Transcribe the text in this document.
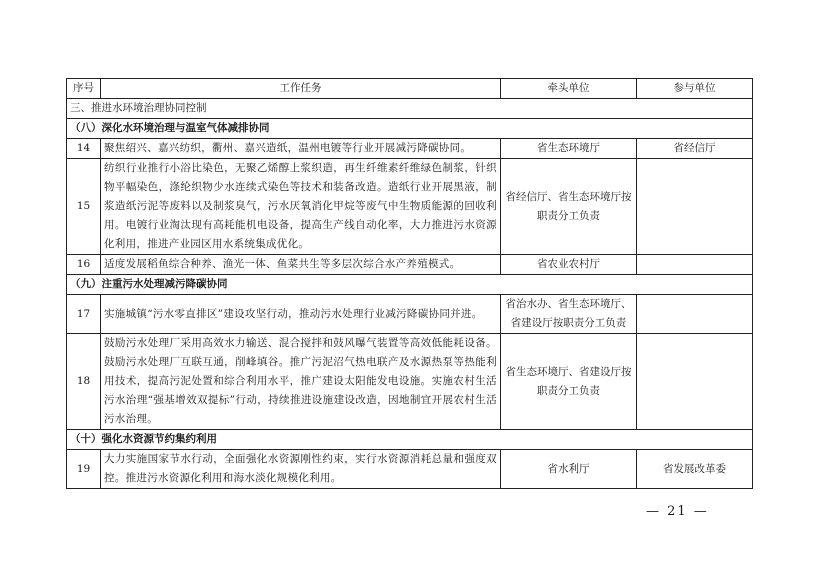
序号	工作任务	牵头单位	参与单位
三、推进水环境治理协同控制			
（八）深化水环境治理与温室气体减排协同			
14	聚焦绍兴、嘉兴纺织，衢州、嘉兴造纸，温州电镀等行业开展减污降碳协同。	省生态环境厅	省经信厅
15	纺织行业推行小浴比染色，无聚乙烯醇上浆织造，再生纤维素纤维绿色制浆，针织物平幅染色，涤纶织物少水连续式染色等技术和装备改造。造纸行业开展黑液，制浆造纸污泥等废料以及制浆臭气，污水厌氧消化甲烷等废气中生物质能源的回收利用。电镀行业淘汰现有高耗能机电设备，提高生产线自动化率，大力推进污水资源化利用，推进产业园区用水系统集成优化。	省经信厅、省生态环境厅按职责分工负责	
16	适度发展稻鱼综合种养、渔光一体、鱼菜共生等多层次综合水产养殖模式。	省农业农村厅	
（九）注重污水处理减污降碳协同			
17	实施城镇“污水零直排区”建设攻坚行动，推动污水处理行业减污降碳协同并进。	省治水办、省生态环境厅、省建设厅按职责分工负责	
18	鼓励污水处理厂采用高效水力输送、混合搅拌和鼓风曝气装置等高效低能耗设备。鼓励污水处理厂互联互通，削峰填谷。推广污泥沼气热电联产及水源热泵等热能利用技术，提高污泥处置和综合利用水平，推广建设太阳能发电设施。实施农村生活污水治理“强基增效双提标”行动，持续推进设施建设改造，因地制宜开展农村生活污水治理。	省生态环境厅、省建设厅按职责分工负责	
（十）强化水资源节约集约利用			
19	大力实施国家节水行动，全面强化水资源刚性约束，实行水资源消耗总量和强度双控。推进污水资源化利用和海水淡化规模化利用。	省水利厅	省发展改革委
— 21 —
